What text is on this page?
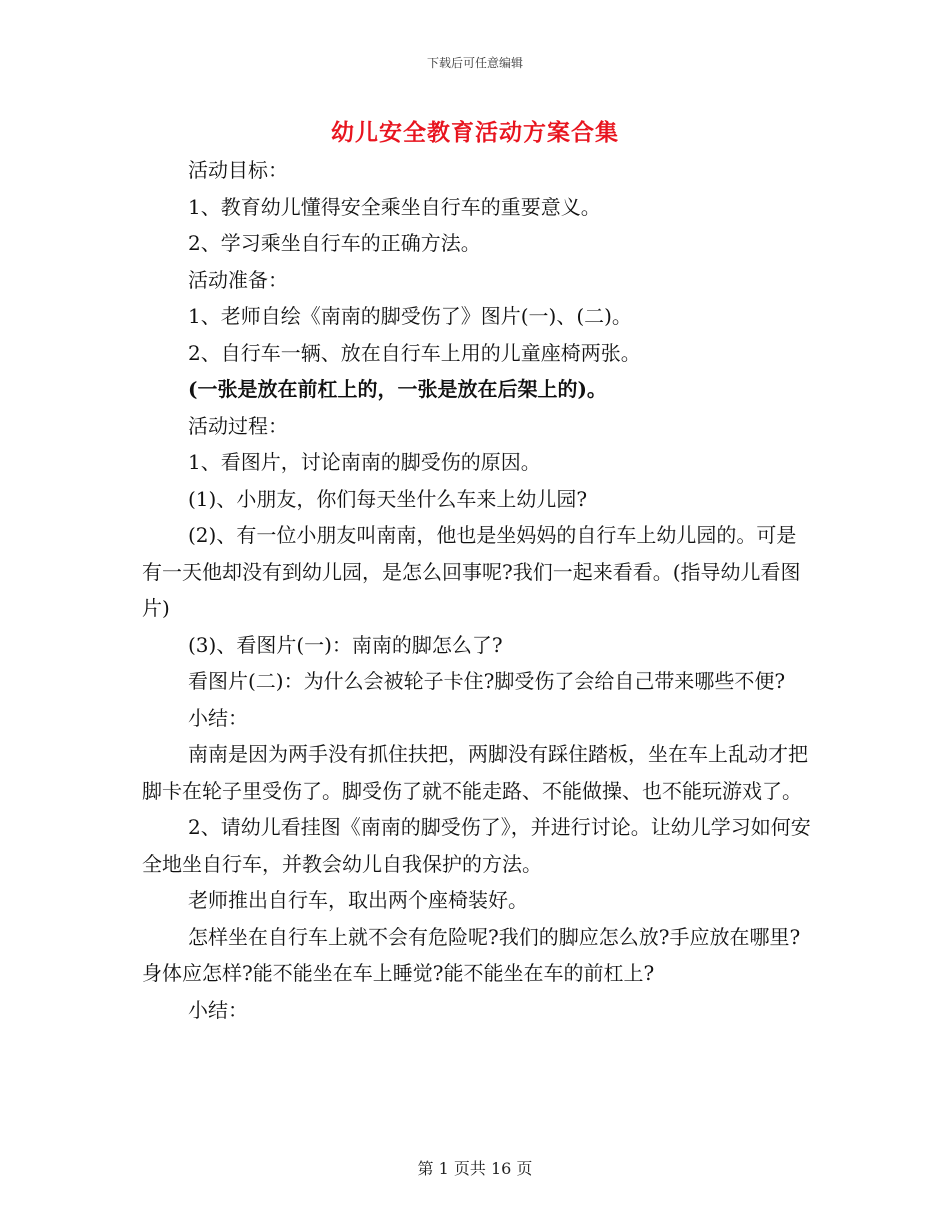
下载后可任意编辑
幼儿安全教育活动方案合集

活动目标：

1、教育幼儿懂得安全乘坐自行车的重要意义。

2、学习乘坐自行车的正确方法。

活动准备：

1、老师自绘《南南的脚受伤了》图片(一)、(二)。

2、自行车一辆、放在自行车上用的儿童座椅两张。

(一张是放在前杠上的，一张是放在后架上的)。

活动过程：

1、看图片，讨论南南的脚受伤的原因。

(1)、小朋友，你们每天坐什么车来上幼儿园?

(2)、有一位小朋友叫南南，他也是坐妈妈的自行车上幼儿园的。可是有一天他却没有到幼儿园，是怎么回事呢?我们一起来看看。(指导幼儿看图片)

(3)、看图片(一)：南南的脚怎么了?

看图片(二)：为什么会被轮子卡住?脚受伤了会给自己带来哪些不便?

小结：

南南是因为两手没有抓住扶把，两脚没有踩住踏板，坐在车上乱动才把脚卡在轮子里受伤了。脚受伤了就不能走路、不能做操、也不能玩游戏了。

2、请幼儿看挂图《南南的脚受伤了》，并进行讨论。让幼儿学习如何安全地坐自行车，并教会幼儿自我保护的方法。

老师推出自行车，取出两个座椅装好。

怎样坐在自行车上就不会有危险呢?我们的脚应怎么放?手应放在哪里?身体应怎样?能不能坐在车上睡觉?能不能坐在车的前杠上?

小结：

第 1 页共 16 页
